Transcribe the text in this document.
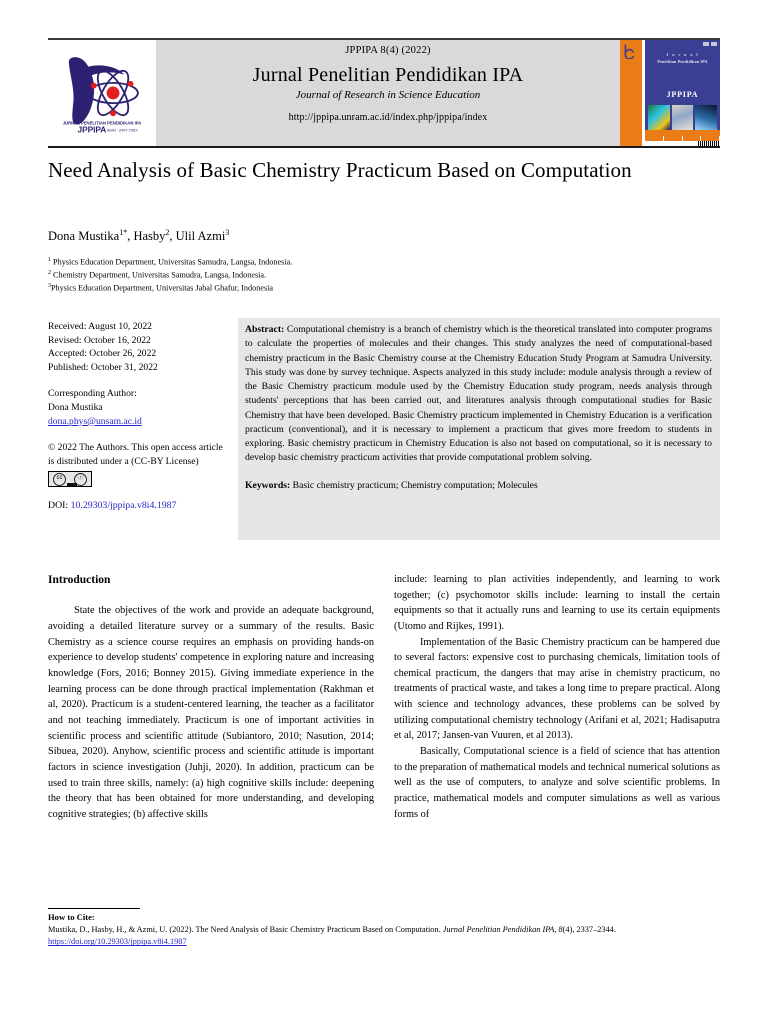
JURNAL PENELITIAN PENDIDIKAN IPA
JPPIPA ISSN : 2407-795X
JPPIPA 8(4) (2022)
Jurnal Penelitian Pendidikan IPA
Journal of Research in Science Education
http://jppipa.unram.ac.id/index.php/jppipa/index
J u r n a l
Penelitian Pendidikan IPA
JPPIPA
Need Analysis of Basic Chemistry Practicum Based on Computation
Dona Mustika$^{1*}$, Hasby$^2$, Ulil Azmi$^3$
$^1$ Physics Education Department, Universitas Samudra, Langsa, Indonesia.
$^2$ Chemistry Department, Universitas Samudra, Langsa, Indonesia.
$^3$Physics Education Department, Universitas Jabal Ghafur, Indonesia
Received: August 10, 2022
Revised: October 16, 2022
Accepted: October 26, 2022
Published: October 31, 2022
Corresponding Author:
Dona Mustika
dona.phys@unsam.ac.id
© 2022 The Authors. This open access article is distributed under a (CC-BY License)
cc	ⓘ
DOI: 10.29303/jppipa.v8i4.1987

Abstract: Computational chemistry is a branch of chemistry which is the theoretical translated into computer programs to calculate the properties of molecules and their changes. This study analyzes the need of computational-based chemistry practicum in the Basic Chemistry course at the Chemistry Education Study Program at Samudra University. This study was done by survey technique. Aspects analyzed in this study include: module analysis through a review of the Basic Chemistry practicum module used by the Chemistry Education study program, needs analysis through students' perceptions that has been carried out, and literatures analysis through computational studies for Basic Chemistry that have been developed. Basic Chemistry practicum implemented in Chemistry Education is a verification practicum (conventional), and it is necessary to implement a practicum that gives more freedom to students in exploring. Basic chemistry practicum in Chemistry Education is also not based on computational, so it is necessary to develop basic chemistry practicum activities that provide computational problem solving.

Keywords: Basic chemistry practicum; Chemistry computation; Molecules
Introduction

State the objectives of the work and provide an adequate background, avoiding a detailed literature survey or a summary of the results. Basic Chemistry as a science course requires an emphasis on providing hands-on experience to develop students' competence in exploring nature and increasing knowledge (Fors, 2016; Bonney 2015). Giving immediate experience in the learning process can be done through practical implementation (Rakhman et al, 2020). Practicum is a student-centered learning, the teacher as a facilitator and not teaching immediately. Practicum is one of important activities in scientific process and scientific attitude (Subiantoro, 2010; Nasution, 2014; Sibuea, 2020). Anyhow, scientific process and scientific attitude is important factors in science investigation (Juhji, 2020). In addition, practicum can be used to train three skills, namely: (a) high cognitive skills include: deepening the theory that has been obtained for more understanding, and developing cognitive strategies; (b) affective skills

include: learning to plan activities independently, and learning to work together; (c) psychomotor skills include: learning to install the certain equipments so that it actually runs and learning to use its certain equipments (Utomo and Rijkes, 1991).

Implementation of the Basic Chemistry practicum can be hampered due to several factors: expensive cost to purchasing chemicals, limitation tools of chemical practicum, the dangers that may arise in chemistry practicum, no treatments of practical waste, and takes a long time to prepare practical. Along with science and technology advances, these problems can be solved by utilizing computational chemistry technology (Arifani et al, 2021; Hadisaputra et al, 2017; Jansen-van Vuuren, et al 2013).

Basically, Computational science is a field of science that has attention to the preparation of mathematical models and technical numerical solutions as well as the use of computers, to analyze and solve scientific problems. In practice, mathematical models and computer simulations as well as various forms of

How to Cite:
Mustika, D., Hasby, H., & Azmi, U. (2022). The Need Analysis of Basic Chemistry Practicum Based on Computation. Jurnal Penelitian Pendidikan IPA, 8(4), 2337–2344. https://doi.org/10.29303/jppipa.v8i4.1987
